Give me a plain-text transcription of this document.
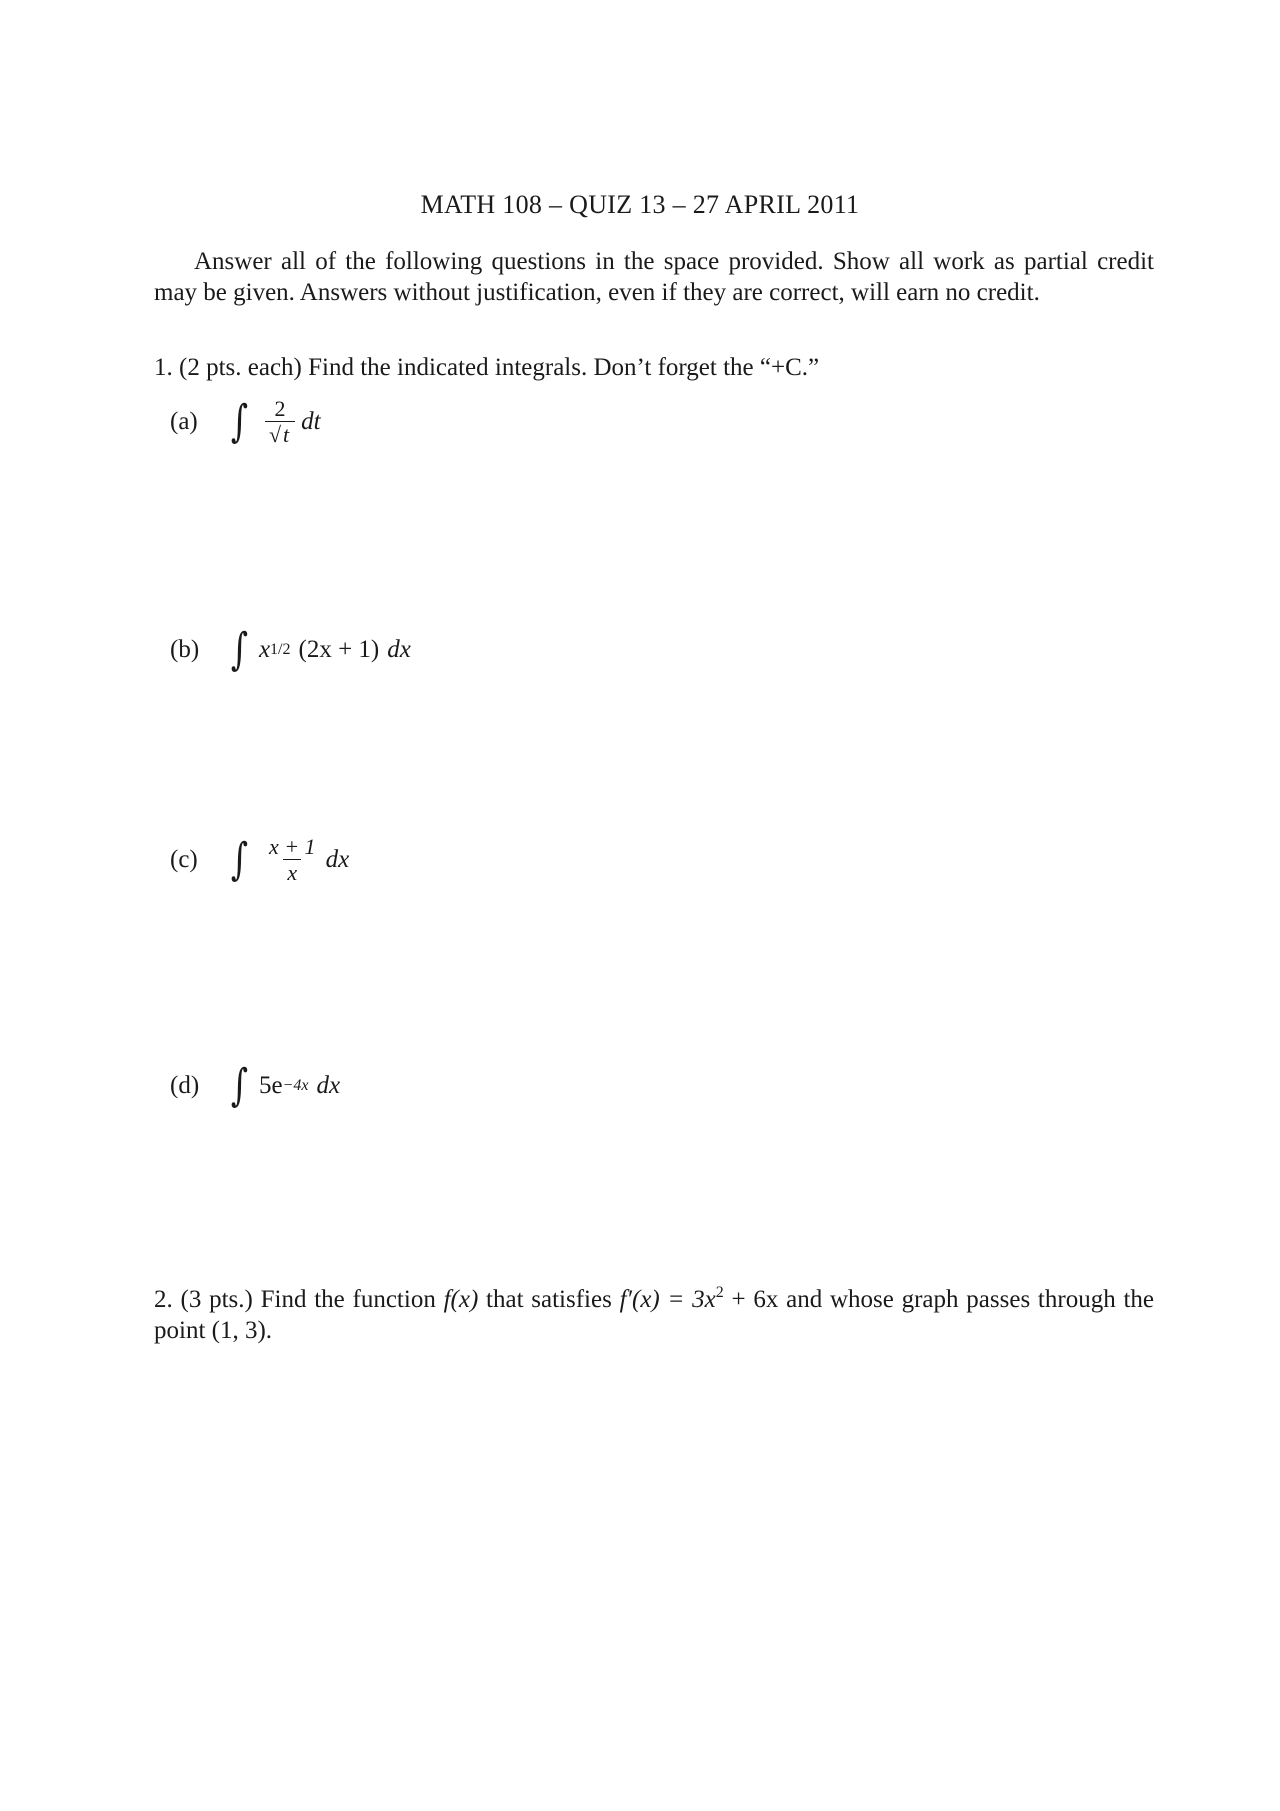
MATH 108 – QUIZ 13 – 27 APRIL 2011
Answer all of the following questions in the space provided. Show all work as partial credit may be given. Answers without justification, even if they are correct, will earn no credit.
1. (2 pts. each) Find the indicated integrals. Don’t forget the “+C.”
(a) ∫ $\frac{2}{√t}$ dt
(b) ∫ x 1/2 (2x + 1) dx
(c) ∫ $\frac{x + 1}{x}$ dx
(d) ∫ 5e −4x dx
2. (3 pts.) Find the function f(x) that satisfies $f'(x) = 3x^2 + 6x$ and whose graph passes through the point (1, 3).
